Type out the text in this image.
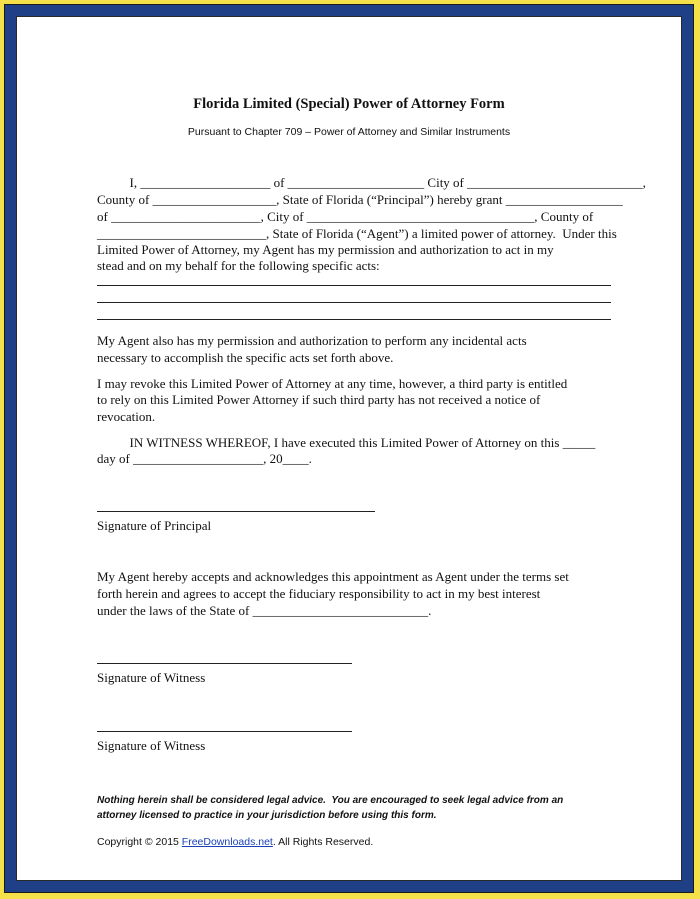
Florida Limited (Special) Power of Attorney Form
Pursuant to Chapter 709 – Power of Attorney and Similar Instruments
I, ____________________ of _____________________ City of ___________________________,
County of ___________________, State of Florida (“Principal”) hereby grant __________________
of _______________________, City of ___________________________________, County of
__________________________, State of Florida (“Agent”) a limited power of attorney.  Under this
Limited Power of Attorney, my Agent has my permission and authorization to act in my
stead and on my behalf for the following specific acts:
My Agent also has my permission and authorization to perform any incidental acts
necessary to accomplish the specific acts set forth above.
I may revoke this Limited Power of Attorney at any time, however, a third party is entitled
to rely on this Limited Power Attorney if such third party has not received a notice of
revocation.
IN WITNESS WHEREOF, I have executed this Limited Power of Attorney on this _____
day of ____________________, 20____.
Signature of Principal
My Agent hereby accepts and acknowledges this appointment as Agent under the terms set
forth herein and agrees to accept the fiduciary responsibility to act in my best interest
under the laws of the State of ___________________________.
Signature of Witness
Signature of Witness
Nothing herein shall be considered legal advice.  You are encouraged to seek legal advice from an
attorney licensed to practice in your jurisdiction before using this form.
Copyright © 2015 FreeDownloads.net. All Rights Reserved.
